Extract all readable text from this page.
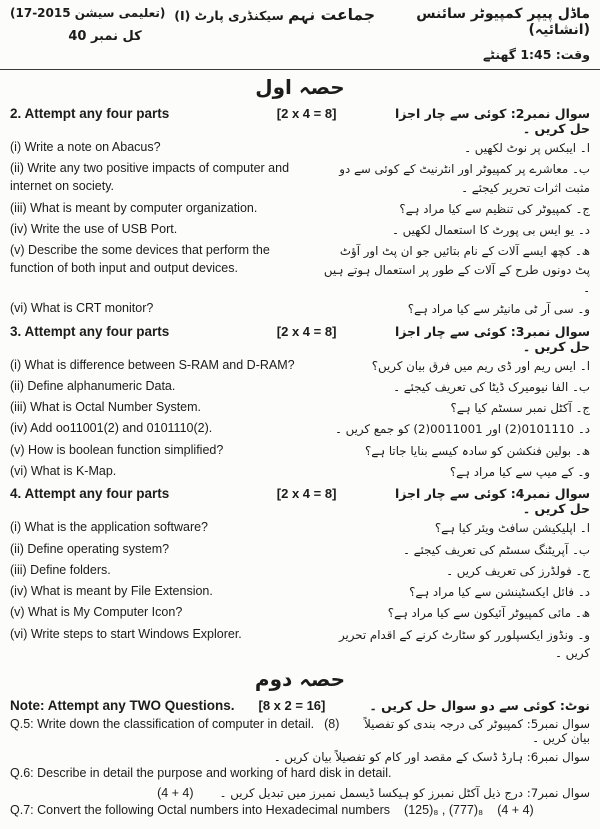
(تعلیمی سیشن 2015-17)
کل نمبر 40
جماعت نہم سیکنڈری پارٹ (I)	ماڈل پیپر کمپیوٹر سائنس (انشائیہ)
وقت: 1:45 گھنٹے
حصہ اول
2. Attempt any four parts	[2 x 4 = 8]	سوال نمبر2: کوئی سے چار اجزا حل کریں ۔
(i) Write a note on Abacus?	ا۔ ایبکس پر نوٹ لکھیں ۔
(ii) Write any two positive impacts of computer and internet on society.
ب۔ معاشرے پر کمپیوٹر اور انٹرنیٹ کے کوئی سے دو مثبت اثرات تحریر کیجئے ۔
(iii) What is meant by computer organization.	ج۔ کمپیوٹر کی تنظیم سے کیا مراد ہے؟
(iv) Write the use of USB Port.	د۔ یو ایس بی پورٹ کا استعمال لکھیں ۔
(v) Describe the some devices that perform the function of both input and output devices.
ھ۔ کچھ ایسے آلات کے نام بتائیں جو ان پٹ اور آؤٹ پٹ دونوں طرح کے آلات کے طور پر استعمال ہوتے ہیں ۔
(vi) What is CRT monitor?	و۔ سی آر ٹی مانیٹر سے کیا مراد ہے؟
3. Attempt any four parts	[2 x 4 = 8]	سوال نمبر3: کوئی سے چار اجزا حل کریں ۔
(i) What is difference between S-RAM and D-RAM?	ا۔ ایس ریم اور ڈی ریم میں فرق بیان کریں؟
(ii) Define alphanumeric Data.	ب۔ الفا نیومیرک ڈیٹا کی تعریف کیجئے ۔
(iii) What is Octal Number System.	ج۔ آکٹل نمبر سسٹم کیا ہے؟
(iv) Add oo11001(2) and 0101110(2).	د۔ 0101110(2) اور 0011001(2) کو جمع کریں ۔
(v) How is boolean function simplified?	ھ۔ بولین فنکشن کو سادہ کیسے بنایا جاتا ہے؟
(vi) What is K-Map.	و۔ کے میپ سے کیا مراد ہے؟
4. Attempt any four parts	[2 x 4 = 8]	سوال نمبر4: کوئی سے چار اجزا حل کریں ۔
(i) What is the application software?	ا۔ اپلیکیشن سافٹ ویئر کیا ہے؟
(ii) Define operating system?	ب۔ آپریٹنگ سسٹم کی تعریف کیجئے ۔
(iii) Define folders.	ج۔ فولڈرز کی تعریف کریں ۔
(iv) What is meant by File Extension.	د۔ فائل ایکسٹینشن سے کیا مراد ہے؟
(v) What is My Computer Icon?	ھ۔ مائی کمپیوٹر آئیکون سے کیا مراد ہے؟
(vi) Write steps to start Windows Explorer.	و۔ ونڈوز ایکسپلورر کو سٹارٹ کرنے کے اقدام تحریر کریں ۔
حصہ دوم
Note: Attempt any TWO Questions. [8 x 2 = 16]	نوٹ: کوئی سے دو سوال حل کریں ۔
Q.5: Write down the classification of computer in detail. (8)	سوال نمبر5: کمپیوٹر کی درجہ بندی کو تفصیلاً بیان کریں ۔
سوال نمبر6: ہارڈ ڈسک کے مقصد اور کام کو تفصیلاً بیان کریں ۔
Q.6: Describe in detail the purpose and working of hard disk in detail.
(4 + 4) سوال نمبر7: درج ذیل آکٹل نمبرز کو ہیکسا ڈیسمل نمبرز میں تبدیل کریں ۔
Q.7: Convert the following Octal numbers into Hexadecimal numbers (125)₈ , (777)₈ (4 + 4)
